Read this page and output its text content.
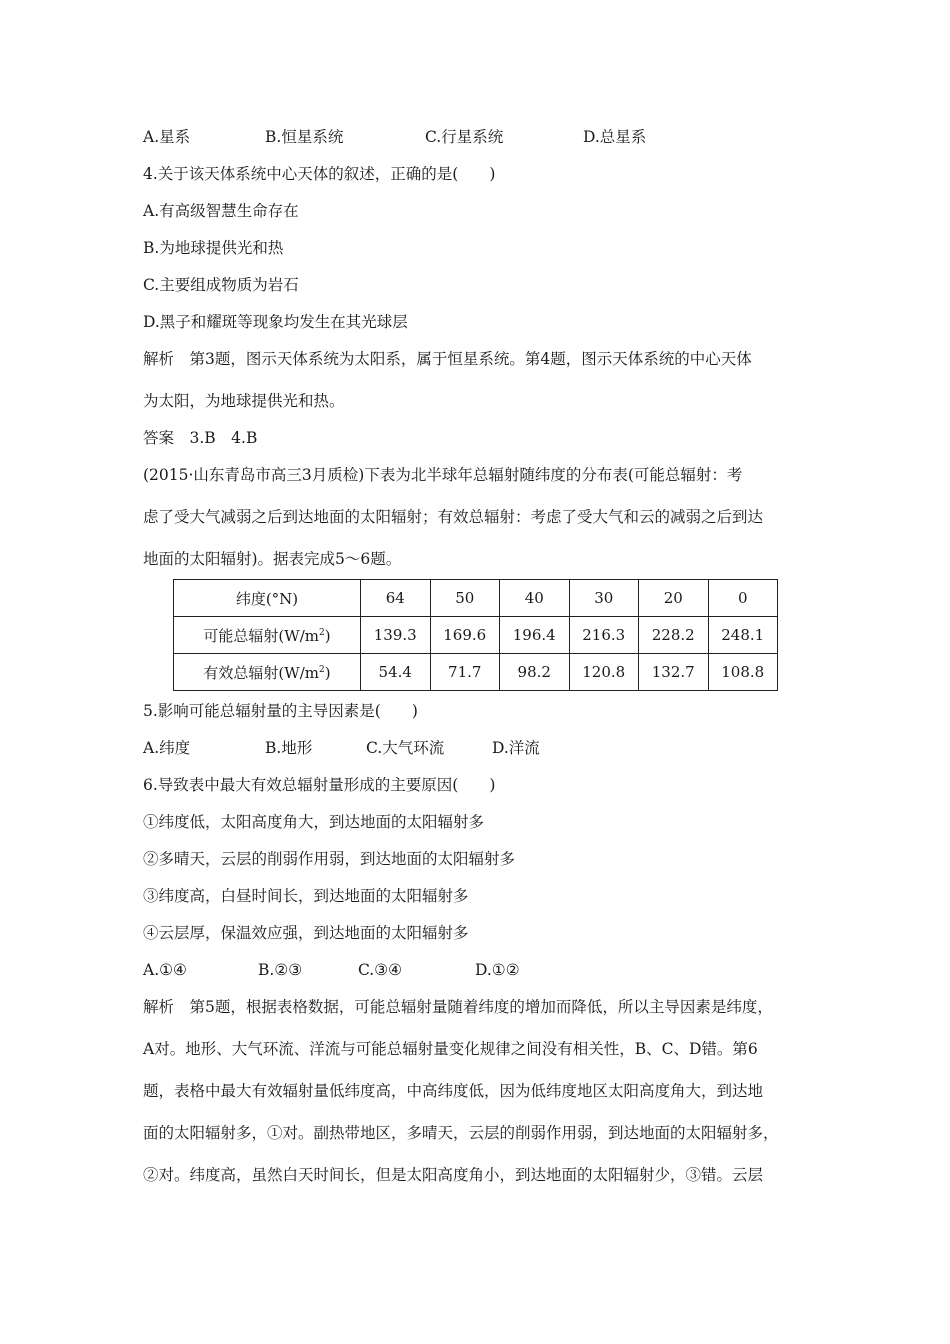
A.星系	B.恒星系统	C.行星系统	D.总星系
4.关于该天体系统中心天体的叙述，正确的是(　　)
A.有高级智慧生命存在
B.为地球提供光和热
C.主要组成物质为岩石
D.黑子和耀斑等现象均发生在其光球层
解析　第3题，图示天体系统为太阳系，属于恒星系统。第4题，图示天体系统的中心天体
为太阳，为地球提供光和热。
答案　3.B　4.B
(2015·山东青岛市高三3月质检)下表为北半球年总辐射随纬度的分布表(可能总辐射：考
虑了受大气减弱之后到达地面的太阳辐射；有效总辐射：考虑了受大气和云的减弱之后到达
地面的太阳辐射)。据表完成5～6题。
纬度(°N)	64	50	40	30	20	0
可能总辐射$(W/m^2)$	139.3	169.6	196.4	216.3	228.2	248.1
有效总辐射$(W/m^2)$	54.4	71.7	98.2	120.8	132.7	108.8
5.影响可能总辐射量的主导因素是(　　)
A.纬度	B.地形	C.大气环流	D.洋流
6.导致表中最大有效总辐射量形成的主要原因(　　)
①纬度低，太阳高度角大，到达地面的太阳辐射多
②多晴天，云层的削弱作用弱，到达地面的太阳辐射多
③纬度高，白昼时间长，到达地面的太阳辐射多
④云层厚，保温效应强，到达地面的太阳辐射多
A.①④	B.②③	C.③④	D.①②
解析　第5题，根据表格数据，可能总辐射量随着纬度的增加而降低，所以主导因素是纬度，
A对。地形、大气环流、洋流与可能总辐射量变化规律之间没有相关性，B、C、D错。第6
题，表格中最大有效辐射量低纬度高，中高纬度低，因为低纬度地区太阳高度角大，到达地
面的太阳辐射多，①对。副热带地区，多晴天，云层的削弱作用弱，到达地面的太阳辐射多，
②对。纬度高，虽然白天时间长，但是太阳高度角小，到达地面的太阳辐射少，③错。云层
